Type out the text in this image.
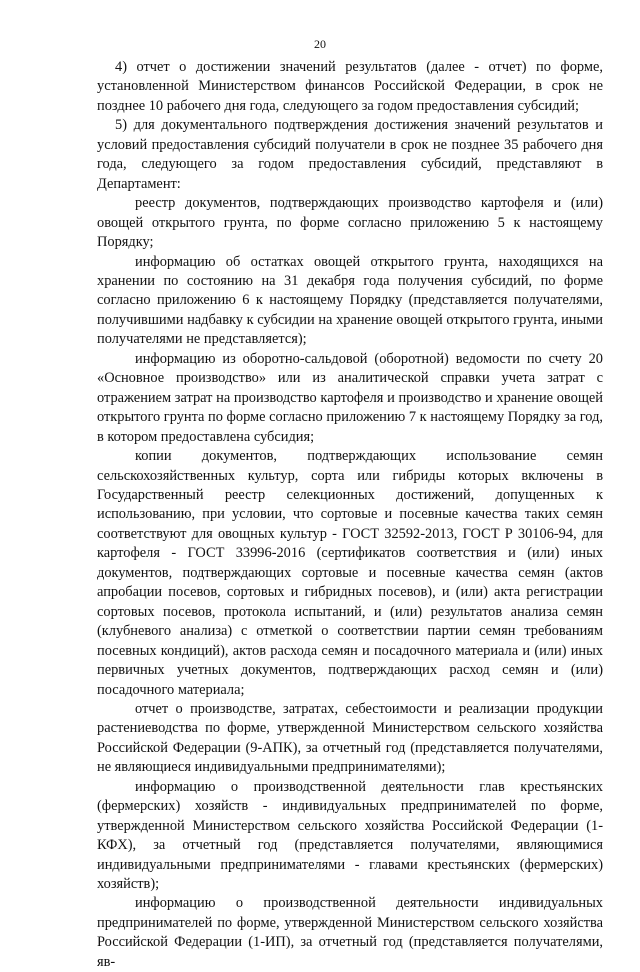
20

4) отчет о достижении значений результатов (далее - отчет) по форме, установленной Министерством финансов Российской Федерации, в срок не позднее 10 рабочего дня года, следующего за годом предоставления субсидий;

5) для документального подтверждения достижения значений результатов и условий предоставления субсидий получатели в срок не позднее 35 рабочего дня года, следующего за годом предоставления субсидий, представляют в Департамент:

реестр документов, подтверждающих производство картофеля и (или) овощей открытого грунта, по форме согласно приложению 5 к настоящему Порядку;

информацию об остатках овощей открытого грунта, находящихся на хранении по состоянию на 31 декабря года получения субсидий, по форме согласно приложению 6 к настоящему Порядку (представляется получателями, получившими надбавку к субсидии на хранение овощей открытого грунта, иными получателями не представляется);

информацию из оборотно-сальдовой (оборотной) ведомости по счету 20 «Основное производство» или из аналитической справки учета затрат с отражением затрат на производство картофеля и производство и хранение овощей открытого грунта по форме согласно приложению 7 к настоящему Порядку за год, в котором предоставлена субсидия;

копии документов, подтверждающих использование семян сельскохозяйственных культур, сорта или гибриды которых включены в Государственный реестр селекционных достижений, допущенных к использованию, при условии, что сортовые и посевные качества таких семян соответствуют для овощных культур - ГОСТ 32592-2013, ГОСТ Р 30106-94, для картофеля - ГОСТ 33996-2016 (сертификатов соответствия и (или) иных документов, подтверждающих сортовые и посевные качества семян (актов апробации посевов, сортовых и гибридных посевов), и (или) акта регистрации сортовых посевов, протокола испытаний, и (или) результатов анализа семян (клубневого анализа) с отметкой о соответствии партии семян требованиям посевных кондиций), актов расхода семян и посадочного материала и (или) иных первичных учетных документов, подтверждающих расход семян и (или) посадочного материала;

отчет о производстве, затратах, себестоимости и реализации продукции растениеводства по форме, утвержденной Министерством сельского хозяйства Российской Федерации (9-АПК), за отчетный год (представляется получателями, не являющиеся индивидуальными предпринимателями);

информацию о производственной деятельности глав крестьянских (фермерских) хозяйств - индивидуальных предпринимателей по форме, утвержденной Министерством сельского хозяйства Российской Федерации (1-КФХ), за отчетный год (представляется получателями, являющимися индивидуальными предпринимателями - главами крестьянских (фермерских) хозяйств);

информацию о производственной деятельности индивидуальных предпринимателей по форме, утвержденной Министерством сельского хозяйства Российской Федерации (1-ИП), за отчетный год (представляется получателями, яв-
